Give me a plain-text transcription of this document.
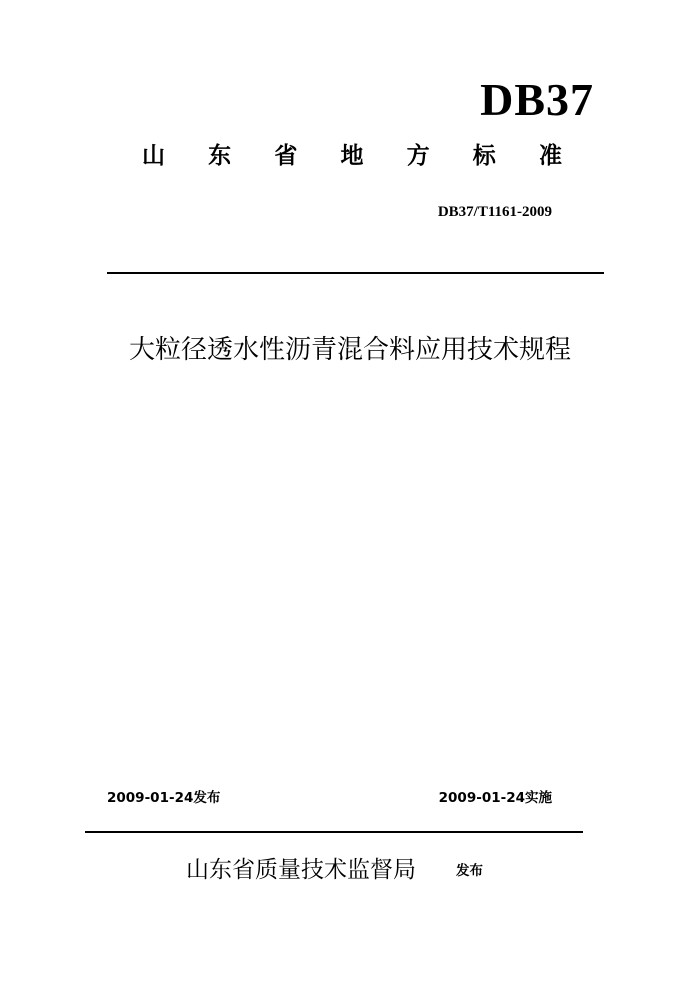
DB37
山 东 省 地 方 标 准
DB37/T1161-2009
大粒径透水性沥青混合料应用技术规程
2009-01-24发布	2009-01-24实施
山东省质量技术监督局	发布
